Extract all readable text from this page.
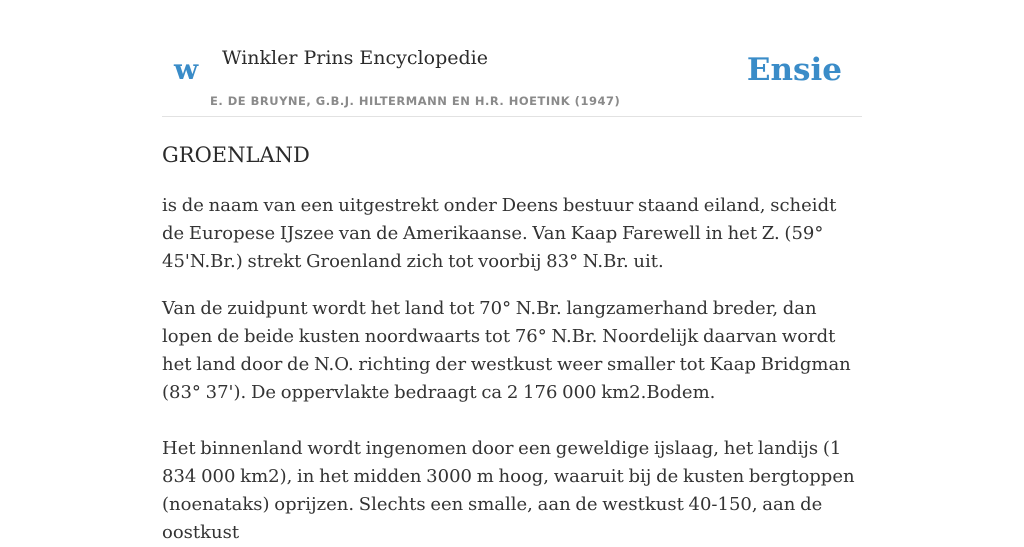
w Winkler Prins Encyclopedie
E. DE BRUYNE, G.B.J. HILTERMANN EN H.R. HOETINK (1947)
Ensie
GROENLAND

is de naam van een uitgestrekt onder Deens bestuur staand eiland, scheidt de Europese IJszee van de Amerikaanse. Van Kaap Farewell in het Z. (59° 45'N.Br.) strekt Groenland zich tot voorbij 83° N.Br. uit.

Van de zuidpunt wordt het land tot 70° N.Br. langzamerhand breder, dan lopen de beide kusten noordwaarts tot 76° N.Br. Noordelijk daarvan wordt het land door de N.O. richting der westkust weer smaller tot Kaap Bridgman (83° 37'). De oppervlakte bedraagt ca 2 176 000 km2.Bodem.

Het binnenland wordt ingenomen door een geweldige ijslaag, het landijs (1 834 000 km2), in het midden 3000 m hoog, waaruit bij de kusten bergtoppen (noenataks) oprijzen. Slechts een smalle, aan de westkust 40-150, aan de oostkust
